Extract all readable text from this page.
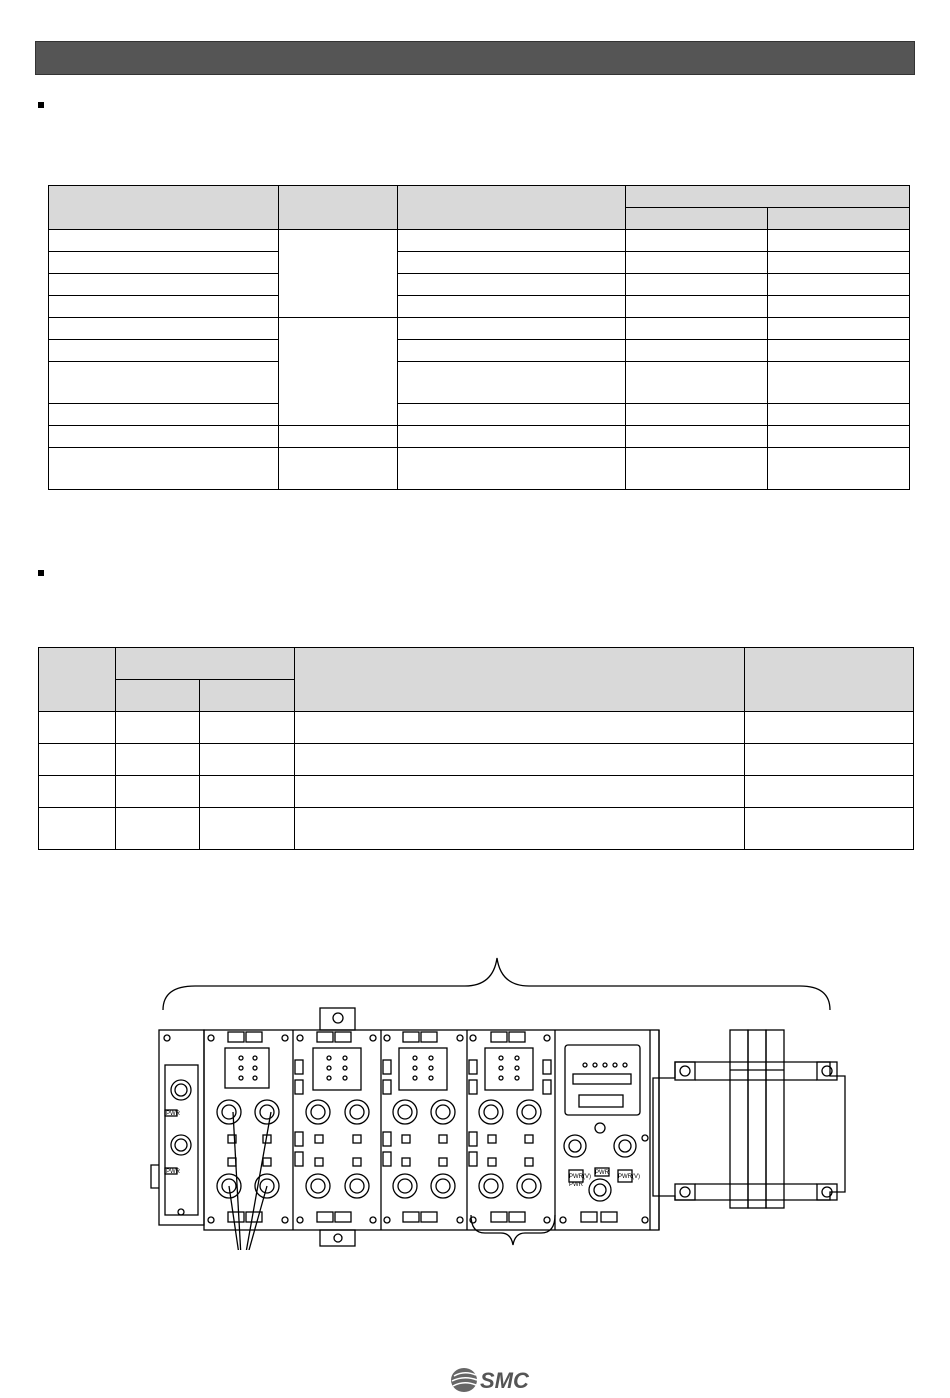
PWR
PWR
PWR(V)	PWR(V)
PWR
PWR
SMC
